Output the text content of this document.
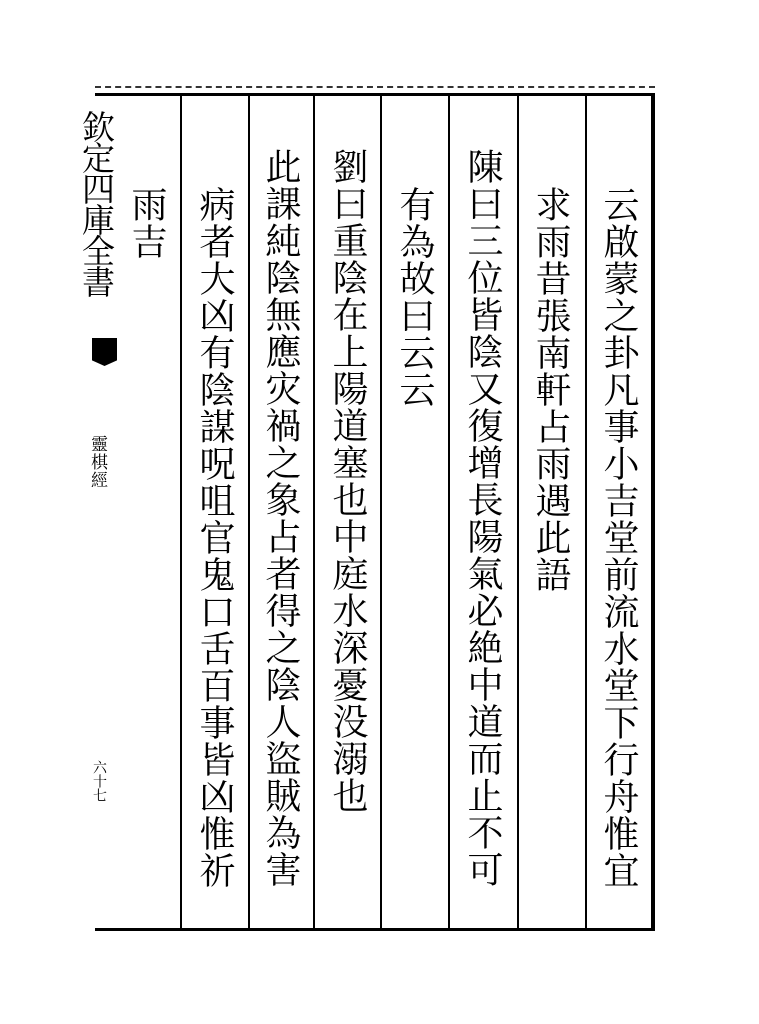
欽定四庫全書
靈棋經
六十七	云啟蒙之卦凡事小吉堂前流水堂下行舟惟宜
求雨昔張南軒占雨遇此語
陳曰三位皆陰又復增長陽氣必絶中道而止不可
有為故曰云云
劉曰重陰在上陽道塞也中庭水深憂没溺也
此課純陰無應灾禍之象占者得之陰人盜賊為害
病者大凶有陰謀呪咀官鬼口舌百事皆凶惟祈
雨吉
